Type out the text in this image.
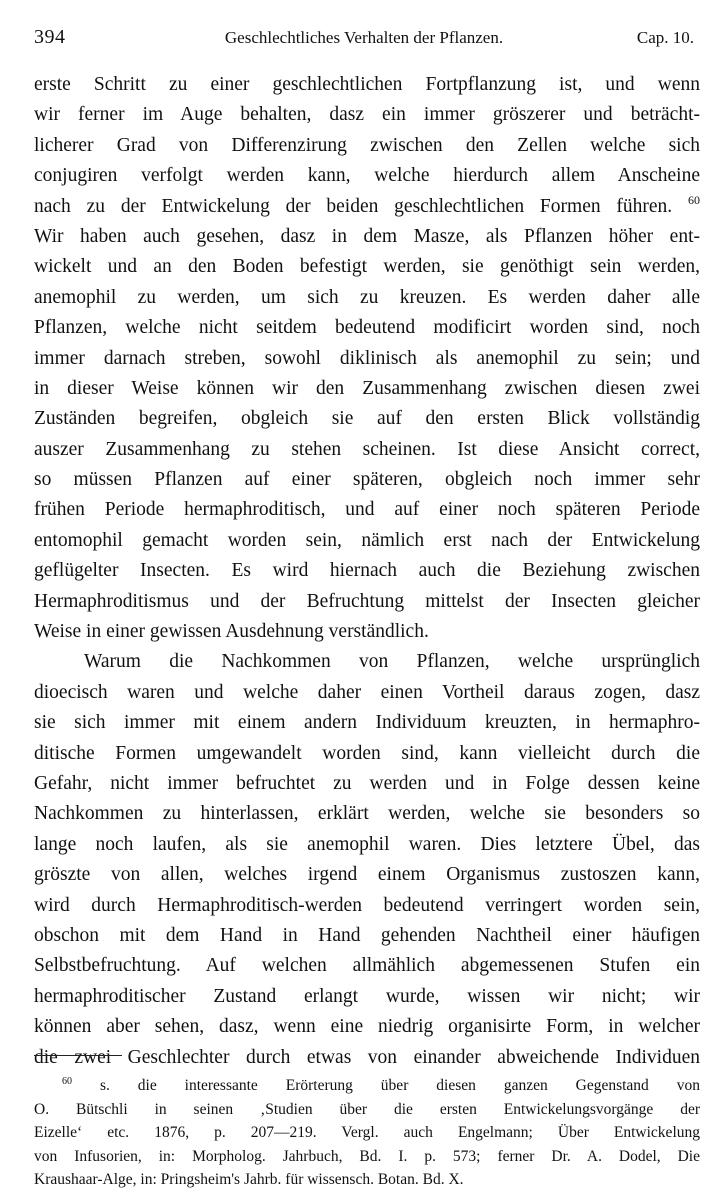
394	Geschlechtliches Verhalten der Pflanzen.	Cap. 10.
erste Schritt zu einer geschlechtlichen Fortpflanzung ist, und wenn
wir ferner im Auge behalten, dasz ein immer gröszerer und beträcht-
licherer Grad von Differenzirung zwischen den Zellen welche sich
conjugiren verfolgt werden kann, welche hierdurch allem Anscheine
nach zu der Entwickelung der beiden geschlechtlichen Formen führen. $^{60}$
Wir haben auch gesehen, dasz in dem Masze, als Pflanzen höher ent-
wickelt und an den Boden befestigt werden, sie genöthigt sein werden,
anemophil zu werden, um sich zu kreuzen. Es werden daher alle
Pflanzen, welche nicht seitdem bedeutend modificirt worden sind, noch
immer darnach streben, sowohl diklinisch als anemophil zu sein; und
in dieser Weise können wir den Zusammenhang zwischen diesen zwei
Zuständen begreifen, obgleich sie auf den ersten Blick vollständig
auszer Zusammenhang zu stehen scheinen. Ist diese Ansicht correct,
so müssen Pflanzen auf einer späteren, obgleich noch immer sehr
frühen Periode hermaphroditisch, und auf einer noch späteren Periode
entomophil gemacht worden sein, nämlich erst nach der Entwickelung
geflügelter Insecten. Es wird hiernach auch die Beziehung zwischen
Hermaphroditismus und der Befruchtung mittelst der Insecten gleicher
Weise in einer gewissen Ausdehnung verständlich.
Warum die Nachkommen von Pflanzen, welche ursprünglich
dioecisch waren und welche daher einen Vortheil daraus zogen, dasz
sie sich immer mit einem andern Individuum kreuzten, in hermaphro-
ditische Formen umgewandelt worden sind, kann vielleicht durch die
Gefahr, nicht immer befruchtet zu werden und in Folge dessen keine
Nachkommen zu hinterlassen, erklärt werden, welche sie besonders so
lange noch laufen, als sie anemophil waren. Dies letztere Übel, das
gröszte von allen, welches irgend einem Organismus zustoszen kann,
wird durch Hermaphroditisch-werden bedeutend verringert worden sein,
obschon mit dem Hand in Hand gehenden Nachtheil einer häufigen
Selbstbefruchtung. Auf welchen allmählich abgemessenen Stufen ein
hermaphroditischer Zustand erlangt wurde, wissen wir nicht; wir
können aber sehen, dasz, wenn eine niedrig organisirte Form, in welcher
die zwei Geschlechter durch etwas von einander abweichende Individuen
$^{60}$ s. die interessante Erörterung über diesen ganzen Gegenstand von
O. Bütschli in seinen ‚Studien über die ersten Entwickelungsvorgänge der
Eizelle‘ etc. 1876, p. 207—219. Vergl. auch Engelmann; Über Entwickelung
von Infusorien, in: Morpholog. Jahrbuch, Bd. I. p. 573; ferner Dr. A. Dodel, Die
Kraushaar-Alge, in: Pringsheim's Jahrb. für wissensch. Botan. Bd. X.
